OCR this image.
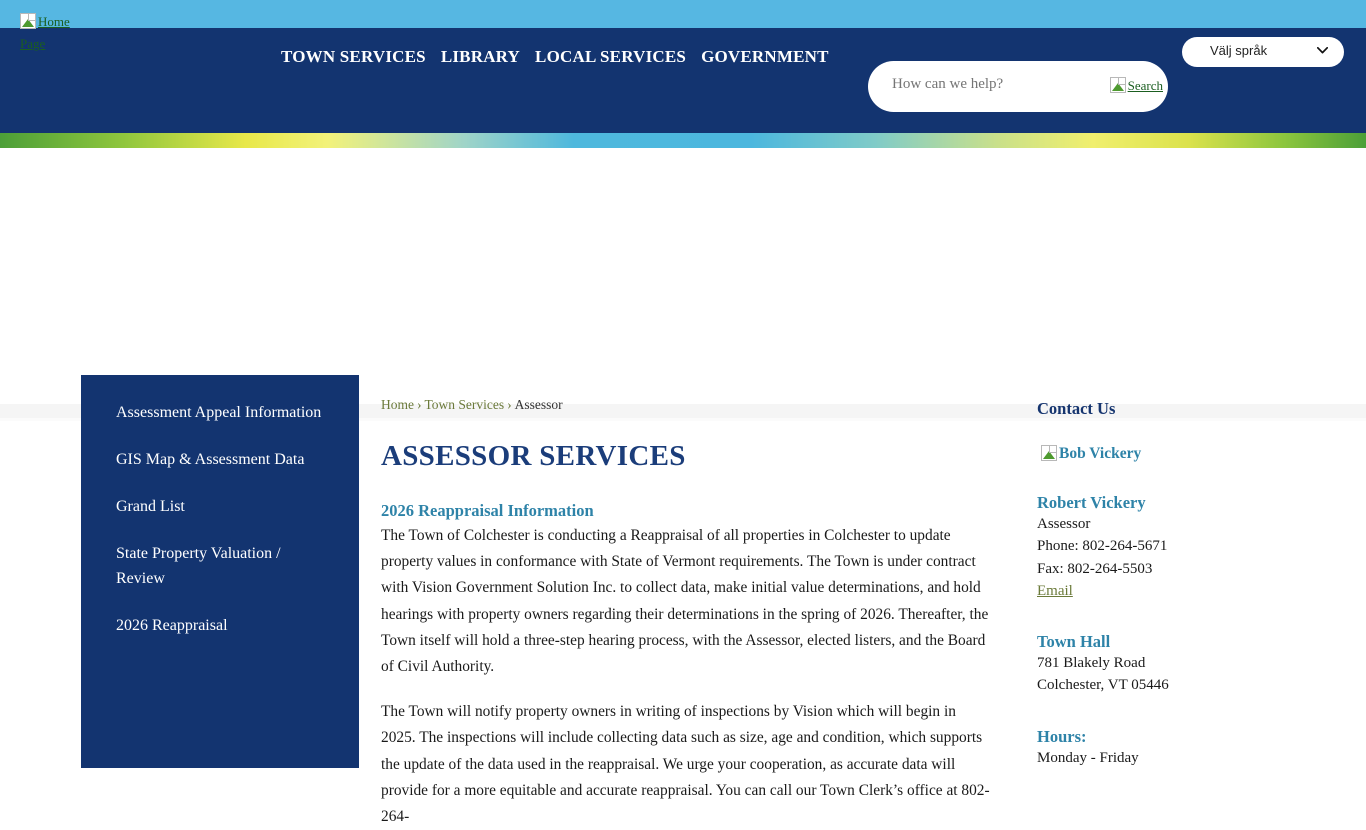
Home Page
TOWN SERVICES LIBRARY LOCAL SERVICES GOVERNMENT
How can we help?
Search
Välj språk
Assessment Appeal Information
GIS Map & Assessment Data
Grand List
State Property Valuation / Review
2026 Reappraisal
Home › Town Services › Assessor
ASSESSOR SERVICES
2026 Reappraisal Information

The Town of Colchester is conducting a Reappraisal of all properties in Colchester to update property values in conformance with State of Vermont requirements. The Town is under contract with Vision Government Solution Inc. to collect data, make initial value determinations, and hold hearings with property owners regarding their determinations in the spring of 2026. Thereafter, the Town itself will hold a three-step hearing process, with the Assessor, elected listers, and the Board of Civil Authority.

The Town will notify property owners in writing of inspections by Vision which will begin in 2025. The inspections will include collecting data such as size, age and condition, which supports the update of the data used in the reappraisal. We urge your cooperation, as accurate data will provide for a more equitable and accurate reappraisal. You can call our Town Clerk’s office at 802-264-

Contact Us
Bob Vickery
Robert Vickery

Assessor

Phone: 802-264-5671

Fax: 802-264-5503

Email
Town Hall

781 Blakely Road

Colchester, VT 05446

Hours:

Monday - Friday
